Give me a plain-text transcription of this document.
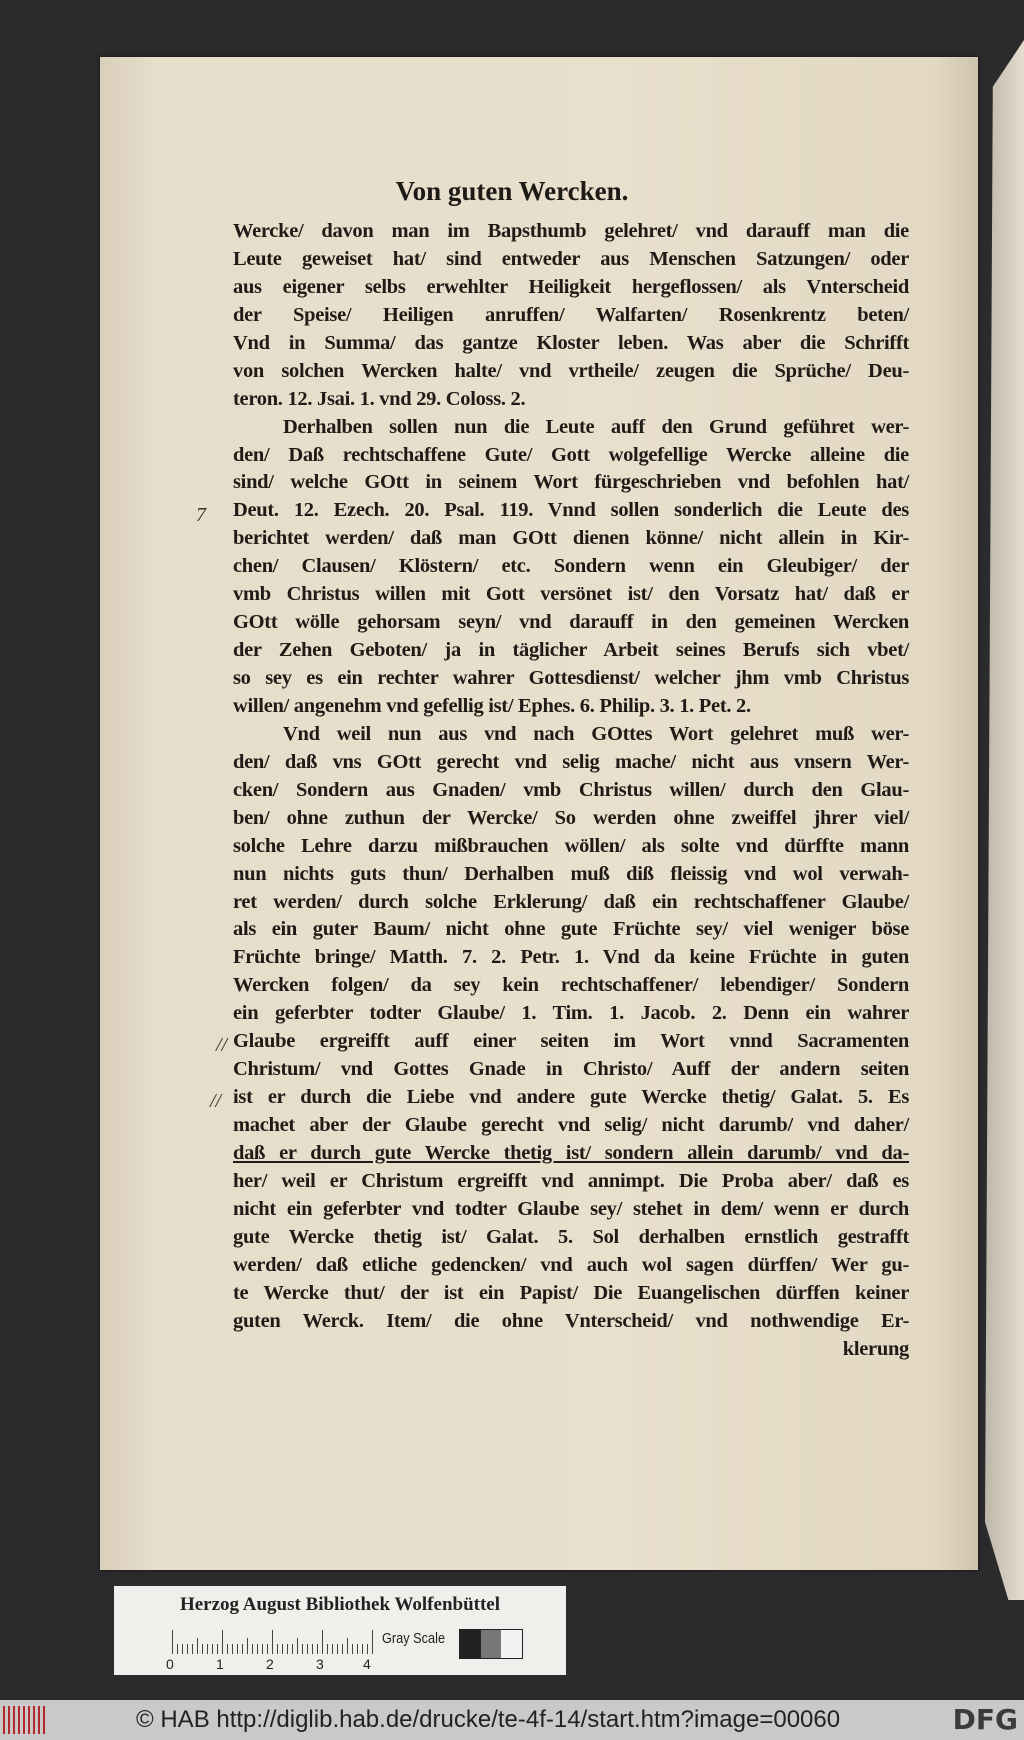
Von guten Wercken.
Wercke/ davon man im Bapsthumb gelehret/ vnd darauff man die
Leute geweiset hat/ sind entweder aus Menschen Satzungen/ oder
aus eigener selbs erwehlter Heiligkeit hergeflossen/ als Vnterscheid
der Speise/ Heiligen anruffen/ Walfarten/ Rosenkrentz beten/
Vnd in Summa/ das gantze Kloster leben. Was aber die Schrifft
von solchen Wercken halte/ vnd vrtheile/ zeugen die Sprüche/ Deu-
teron. 12. Jsai. 1. vnd 29. Coloss. 2.
Derhalben sollen nun die Leute auff den Grund geführet wer-
den/ Daß rechtschaffene Gute/ Gott wolgefellige Wercke alleine die
sind/ welche GOtt in seinem Wort fürgeschrieben vnd befohlen hat/
Deut. 12. Ezech. 20. Psal. 119. Vnnd sollen sonderlich die Leute des
berichtet werden/ daß man GOtt dienen könne/ nicht allein in Kir-
chen/ Clausen/ Klöstern/ etc. Sondern wenn ein Gleubiger/ der
vmb Christus willen mit Gott versönet ist/ den Vorsatz hat/ daß er
GOtt wölle gehorsam seyn/ vnd darauff in den gemeinen Wercken
der Zehen Geboten/ ja in täglicher Arbeit seines Berufs sich vbet/
so sey es ein rechter wahrer Gottesdienst/ welcher jhm vmb Christus
willen/ angenehm vnd gefellig ist/ Ephes. 6. Philip. 3. 1. Pet. 2.
Vnd weil nun aus vnd nach GOttes Wort gelehret muß wer-
den/ daß vns GOtt gerecht vnd selig mache/ nicht aus vnsern Wer-
cken/ Sondern aus Gnaden/ vmb Christus willen/ durch den Glau-
ben/ ohne zuthun der Wercke/ So werden ohne zweiffel jhrer viel/
solche Lehre darzu mißbrauchen wöllen/ als solte vnd dürffte mann
nun nichts guts thun/ Derhalben muß diß fleissig vnd wol verwah-
ret werden/ durch solche Erklerung/ daß ein rechtschaffener Glaube/
als ein guter Baum/ nicht ohne gute Früchte sey/ viel weniger böse
Früchte bringe/ Matth. 7. 2. Petr. 1. Vnd da keine Früchte in guten
Wercken folgen/ da sey kein rechtschaffener/ lebendiger/ Sondern
ein geferbter todter Glaube/ 1. Tim. 1. Jacob. 2. Denn ein wahrer
Glaube ergreifft auff einer seiten im Wort vnnd Sacramenten
Christum/ vnd Gottes Gnade in Christo/ Auff der andern seiten
ist er durch die Liebe vnd andere gute Wercke thetig/ Galat. 5. Es
machet aber der Glaube gerecht vnd selig/ nicht darumb/ vnd daher/
daß er durch gute Wercke thetig ist/ sondern allein darumb/ vnd da-
her/ weil er Christum ergreifft vnd annimpt. Die Proba aber/ daß es
nicht ein geferbter vnd todter Glaube sey/ stehet in dem/ wenn er durch
gute Wercke thetig ist/ Galat. 5. Sol derhalben ernstlich gestrafft
werden/ daß etliche gedencken/ vnd auch wol sagen dürffen/ Wer gu-
te Wercke thut/ der ist ein Papist/ Die Euangelischen dürffen keiner
guten Werck. Item/ die ohne Vnterscheid/ vnd nothwendige Er-
klerung
7
//
//
Herzog August Bibliothek Wolfenbüttel
0	1	2	3	4
Gray Scale
© HAB http://diglib.hab.de/drucke/te-4f-14/start.htm?image=00060	DFG
